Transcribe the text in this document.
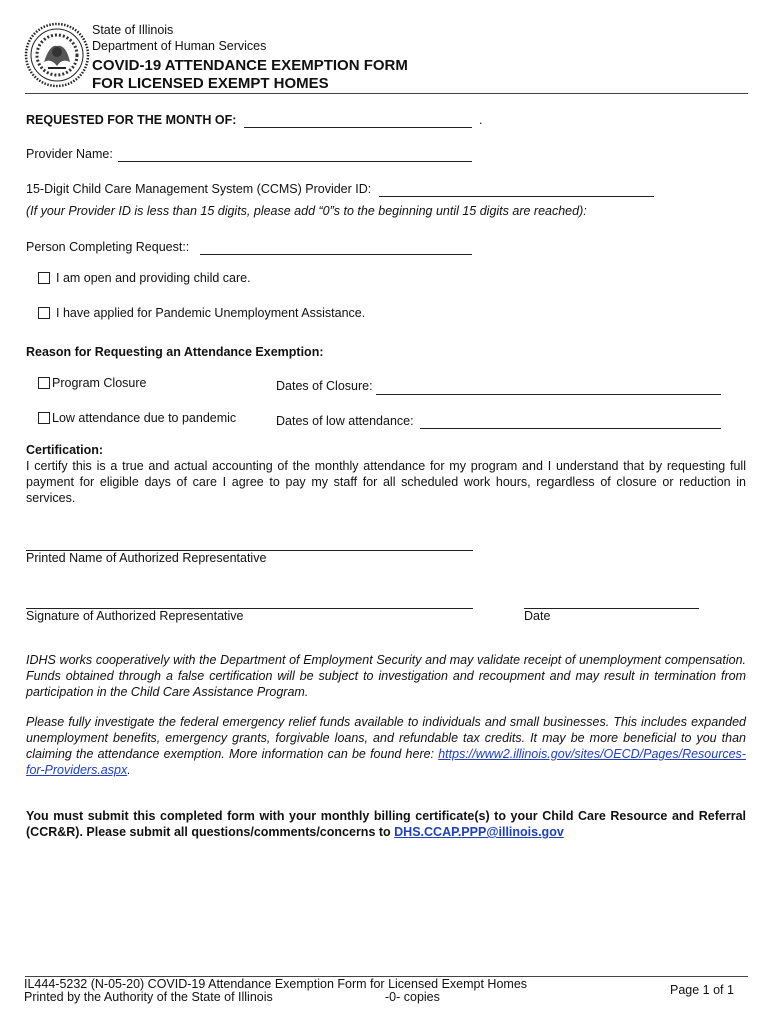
State of Illinois
Department of Human Services
COVID-19 ATTENDANCE EXEMPTION FORM
FOR LICENSED EXEMPT HOMES
REQUESTED FOR THE MONTH OF:	.
Provider Name:
15-Digit Child Care Management System (CCMS) Provider ID:
(If your Provider ID is less than 15 digits, please add “0”s to the beginning until 15 digits are reached):
Person Completing Request::
I am open and providing child care.
I have applied for Pandemic Unemployment Assistance.
Reason for Requesting an Attendance Exemption:
Program Closure	Dates of Closure:
Low attendance due to pandemic	Dates of low attendance:
Certification:
I certify this is a true and actual accounting of the monthly attendance for my program and I understand that by requesting full payment for eligible days of care I agree to pay my staff for all scheduled work hours, regardless of closure or reduction in services.
Printed Name of Authorized Representative
Signature of Authorized Representative	Date
IDHS works cooperatively with the Department of Employment Security and may validate receipt of unemployment compensation. Funds obtained through a false certification will be subject to investigation and recoupment and may result in termination from participation in the Child Care Assistance Program.
Please fully investigate the federal emergency relief funds available to individuals and small businesses. This includes expanded unemployment benefits, emergency grants, forgivable loans, and refundable tax credits. It may be more beneficial to you than claiming the attendance exemption. More information can be found here: https://www2.illinois.gov/sites/OECD/Pages/Resources-for-Providers.aspx.
You must submit this completed form with your monthly billing certificate(s) to your Child Care Resource and Referral (CCR&R). Please submit all questions/comments/concerns to DHS.CCAP.PPP@illinois.gov
IL444-5232 (N-05-20) COVID-19 Attendance Exemption Form for Licensed Exempt Homes
Printed by the Authority of the State of Illinois	-0- copies	Page 1 of 1
